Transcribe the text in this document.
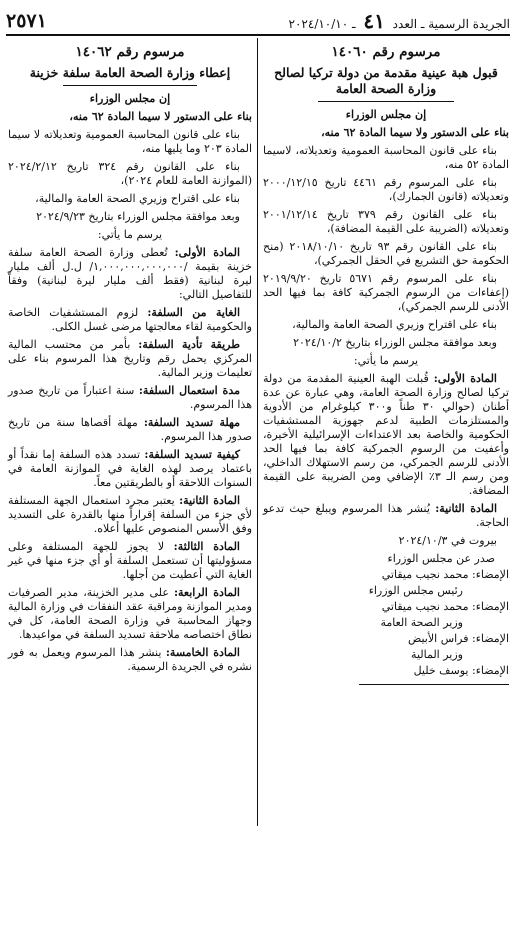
٢٥٧١	الجريدة الرسمية ـ العدد ٤١ ـ ٢٠٢٤/١٠/١٠

مرسوم رقم ١٤٠٦٠

قبول هبة عينية مقدمة من دولة تركيا لصالح وزارة الصحة العامة

إن مجلس الوزراء

بناء على الدستور ولا سيما المادة ٦٢ منه،

بناء على قانون المحاسبة العمومية وتعديلاته، لاسيما المادة ٥٢ منه،

بناء على المرسوم رقم ٤٤٦١ تاريخ ٢٠٠٠/١٢/١٥ وتعديلاته (قانون الجمارك)،

بناء على القانون رقم ٣٧٩ تاريخ ٢٠٠١/١٢/١٤ وتعديلاته (الضريبة على القيمة المضافة)،

بناء على القانون رقم ٩٣ تاريخ ٢٠١٨/١٠/١٠ (منح الحكومة حق التشريع في الحقل الجمركي)،

بناء على المرسوم رقم ٥٦٧١ تاريخ ٢٠١٩/٩/٢٠ (إعفاءات من الرسوم الجمركية كافة بما فيها الحد الأدنى للرسم الجمركي)،

بناء على اقتراح وزيري الصحة العامة والمالية،

وبعد موافقة مجلس الوزراء بتاريخ ٢٠٢٤/١٠/٢

يرسم ما يأتي:

المادة الأولى: قُبلت الهبة العينية المقدمة من دولة تركيا لصالح وزارة الصحة العامة، وهي عبارة عن عدة أطنان (حوالي ٣٠ طناً و٣٠٠ كيلوغرام من الأدوية والمستلزمات الطبية لدعم جهوزية المستشفيات الحكومية والخاصة بعد الاعتداءات الإسرائيلية الأخيرة، وأعفيت من الرسوم الجمركية كافة بما فيها الحد الأدنى للرسم الجمركي، من رسم الاستهلاك الداخلي، ومن رسم الـ ٣٪ الإضافي ومن الضريبة على القيمة المضافة.

المادة الثانية: يُنشر هذا المرسوم ويبلغ حيث تدعو الحاجة.

بيروت في ٢٠٢٤/١٠/٣

صدر عن مجلس الوزراء

الإمضاء: محمد نجيب ميقاتي

رئيس مجلس الوزراء

الإمضاء: محمد نجيب ميقاتي

وزير الصحة العامة

الإمضاء: فراس الأبيض

وزير المالية

الإمضاء: يوسف خليل

مرسوم رقم ١٤٠٦٢

إعطاء وزارة الصحة العامة سلفة خزينة

إن مجلس الوزراء

بناء على الدستور لا سيما المادة ٦٢ منه،

بناء على قانون المحاسبة العمومية وتعديلاته لا سيما المادة ٢٠٣ وما يليها منه،

بناء على القانون رقم ٣٢٤ تاريخ ٢٠٢٤/٢/١٢ (الموازنة العامة للعام ٢٠٢٤)،

بناء على اقتراح وزيري الصحة العامة والمالية،

وبعد موافقة مجلس الوزراء بتاريخ ٢٠٢٤/٩/٢٣

يرسم ما يأتي:

المادة الأولى: تُعطى وزارة الصحة العامة سلفة خزينة بقيمة /١,٠٠٠,٠٠٠,٠٠٠,٠٠٠/ ل.ل ألف مليار ليرة لبنانية (فقط ألف مليار ليرة لبنانية) وفقاً للتفاصيل التالي:

الغاية من السلفة: لزوم المستشفيات الخاصة والحكومية لقاء معالجتها مرضى غسل الكلى.

طريقة تأدية السلفة: بأمر من محتسب المالية المركزي يحمل رقم وتاريخ هذا المرسوم بناء على تعليمات وزير المالية.

مدة استعمال السلفة: سنة اعتباراً من تاريخ صدور هذا المرسوم.

مهلة تسديد السلفة: مهلة أقصاها سنة من تاريخ صدور هذا المرسوم.

كيفية تسديد السلفة: تسدد هذه السلفة إما نقداً أو باعتماد يرصد لهذه الغاية في الموازنة العامة في السنوات اللاحقة أو بالطريقتين معاً.

المادة الثانية: يعتبر مجرد استعمال الجهة المستلفة لأي جزء من السلفة إقراراً منها بالقدرة على التسديد وفق الأسس المنصوص عليها أعلاه.

المادة الثالثة: لا يجوز للجهة المستلفة وعلى مسؤوليتها أن تستعمل السلفة أو أي جزء منها في غير الغاية التي أعطيت من أجلها.

المادة الرابعة: على مدير الخزينة، مدير الصرفيات ومدير الموازنة ومراقبة عقد النفقات في وزارة المالية وجهاز المحاسبة في وزارة الصحة العامة، كل في نطاق اختصاصه ملاحقة تسديد السلفة في مواعيدها.

المادة الخامسة: ينشر هذا المرسوم ويعمل به فور نشره في الجريدة الرسمية.
